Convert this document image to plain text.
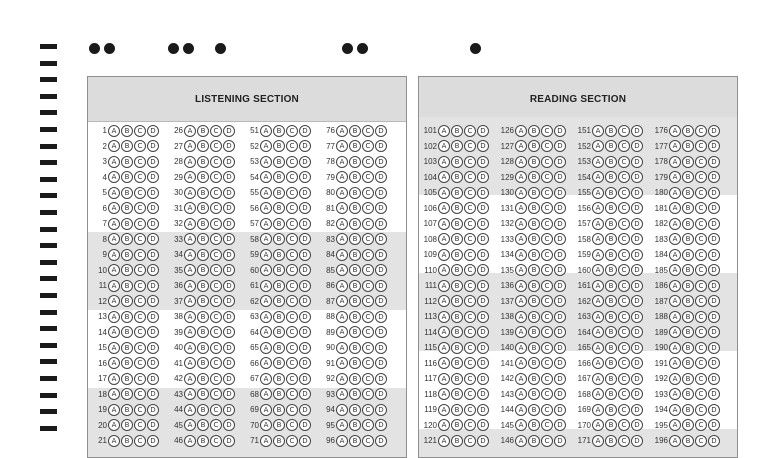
LISTENING SECTION
1 A	B	C	D
2 A	B	C	D
3 A	B	C	D
4 A	B	C	D
5 A	B	C	D
6 A	B	C	D
7 A	B	C	D
8 A	B	C	D
9 A	B	C	D
10 A	B	C	D
11 A	B	C	D
12 A	B	C	D
13 A	B	C	D
14 A	B	C	D
15 A	B	C	D
16 A	B	C	D
17 A	B	C	D
18 A	B	C	D
19 A	B	C	D
20 A	B	C	D
21 A	B	C	D
26 A	B	C	D
27 A	B	C	D
28 A	B	C	D
29 A	B	C	D
30 A	B	C	D
31 A	B	C	D
32 A	B	C	D
33 A	B	C	D
34 A	B	C	D
35 A	B	C	D
36 A	B	C	D
37 A	B	C	D
38 A	B	C	D
39 A	B	C	D
40 A	B	C	D
41 A	B	C	D
42 A	B	C	D
43 A	B	C	D
44 A	B	C	D
45 A	B	C	D
46 A	B	C	D
51 A	B	C	D
52 A	B	C	D
53 A	B	C	D
54 A	B	C	D
55 A	B	C	D
56 A	B	C	D
57 A	B	C	D
58 A	B	C	D
59 A	B	C	D
60 A	B	C	D
61 A	B	C	D
62 A	B	C	D
63 A	B	C	D
64 A	B	C	D
65 A	B	C	D
66 A	B	C	D
67 A	B	C	D
68 A	B	C	D
69 A	B	C	D
70 A	B	C	D
71 A	B	C	D
76 A	B	C	D
77 A	B	C	D
78 A	B	C	D
79 A	B	C	D
80 A	B	C	D
81 A	B	C	D
82 A	B	C	D
83 A	B	C	D
84 A	B	C	D
85 A	B	C	D
86 A	B	C	D
87 A	B	C	D
88 A	B	C	D
89 A	B	C	D
90 A	B	C	D
91 A	B	C	D
92 A	B	C	D
93 A	B	C	D
94 A	B	C	D
95 A	B	C	D
96 A	B	C	D
READING SECTION
101 A	B	C	D
102 A	B	C	D
103 A	B	C	D
104 A	B	C	D
105 A	B	C	D
106 A	B	C	D
107 A	B	C	D
108 A	B	C	D
109 A	B	C	D
110 A	B	C	D
111 A	B	C	D
112 A	B	C	D
113 A	B	C	D
114 A	B	C	D
115 A	B	C	D
116 A	B	C	D
117 A	B	C	D
118 A	B	C	D
119 A	B	C	D
120 A	B	C	D
121 A	B	C	D
126 A	B	C	D
127 A	B	C	D
128 A	B	C	D
129 A	B	C	D
130 A	B	C	D
131 A	B	C	D
132 A	B	C	D
133 A	B	C	D
134 A	B	C	D
135 A	B	C	D
136 A	B	C	D
137 A	B	C	D
138 A	B	C	D
139 A	B	C	D
140 A	B	C	D
141 A	B	C	D
142 A	B	C	D
143 A	B	C	D
144 A	B	C	D
145 A	B	C	D
146 A	B	C	D
151 A	B	C	D
152 A	B	C	D
153 A	B	C	D
154 A	B	C	D
155 A	B	C	D
156 A	B	C	D
157 A	B	C	D
158 A	B	C	D
159 A	B	C	D
160 A	B	C	D
161 A	B	C	D
162 A	B	C	D
163 A	B	C	D
164 A	B	C	D
165 A	B	C	D
166 A	B	C	D
167 A	B	C	D
168 A	B	C	D
169 A	B	C	D
170 A	B	C	D
171 A	B	C	D
176 A	B	C	D
177 A	B	C	D
178 A	B	C	D
179 A	B	C	D
180 A	B	C	D
181 A	B	C	D
182 A	B	C	D
183 A	B	C	D
184 A	B	C	D
185 A	B	C	D
186 A	B	C	D
187 A	B	C	D
188 A	B	C	D
189 A	B	C	D
190 A	B	C	D
191 A	B	C	D
192 A	B	C	D
193 A	B	C	D
194 A	B	C	D
195 A	B	C	D
196 A	B	C	D
